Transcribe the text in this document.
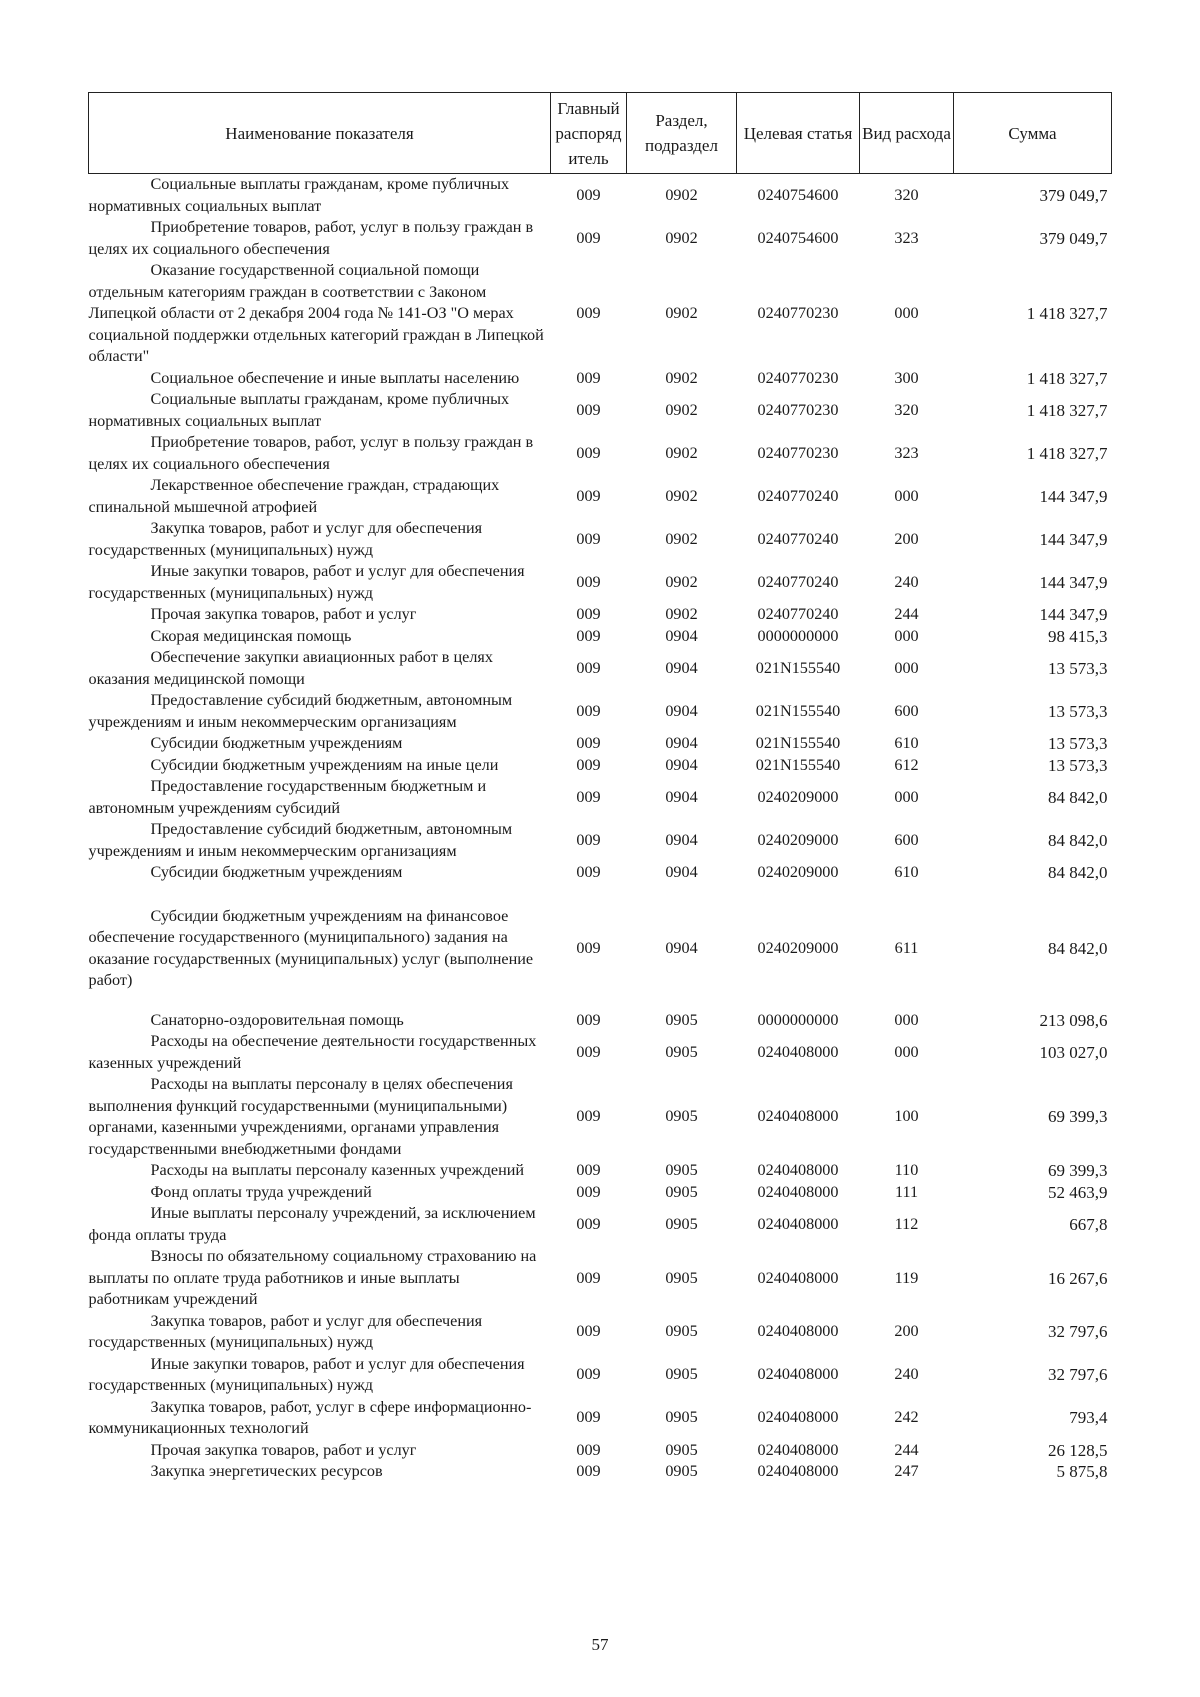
Наименование показателя	Главный распоряд итель	Раздел, подраздел	Целевая статья	Вид расхода	Сумма
Социальные выплаты гражданам, кроме публичных нормативных социальных выплат	009	0902	0240754600	320	379 049,7
Приобретение товаров, работ, услуг в пользу граждан в целях их социального обеспечения	009	0902	0240754600	323	379 049,7
Оказание государственной социальной помощи отдельным категориям граждан в соответствии с Законом Липецкой области от 2 декабря 2004 года № 141-ОЗ "О мерах социальной поддержки отдельных категорий граждан в Липецкой области"	009	0902	0240770230	000	1 418 327,7
Социальное обеспечение и иные выплаты населению	009	0902	0240770230	300	1 418 327,7
Социальные выплаты гражданам, кроме публичных нормативных социальных выплат	009	0902	0240770230	320	1 418 327,7
Приобретение товаров, работ, услуг в пользу граждан в целях их социального обеспечения	009	0902	0240770230	323	1 418 327,7
Лекарственное обеспечение граждан, страдающих спинальной мышечной атрофией	009	0902	0240770240	000	144 347,9
Закупка товаров, работ и услуг для обеспечения государственных (муниципальных) нужд	009	0902	0240770240	200	144 347,9
Иные закупки товаров, работ и услуг для обеспечения государственных (муниципальных) нужд	009	0902	0240770240	240	144 347,9
Прочая закупка товаров, работ и услуг	009	0902	0240770240	244	144 347,9
Скорая медицинская помощь	009	0904	0000000000	000	98 415,3
Обеспечение закупки авиационных работ в целях оказания медицинской помощи	009	0904	021N155540	000	13 573,3
Предоставление субсидий бюджетным, автономным учреждениям и иным некоммерческим организациям	009	0904	021N155540	600	13 573,3
Субсидии бюджетным учреждениям	009	0904	021N155540	610	13 573,3
Субсидии бюджетным учреждениям на иные цели	009	0904	021N155540	612	13 573,3
Предоставление государственным бюджетным и автономным учреждениям субсидий	009	0904	0240209000	000	84 842,0
Предоставление субсидий бюджетным, автономным учреждениям и иным некоммерческим организациям	009	0904	0240209000	600	84 842,0
Субсидии бюджетным учреждениям	009	0904	0240209000	610	84 842,0
Субсидии бюджетным учреждениям на финансовое обеспечение государственного (муниципального) задания на оказание государственных (муниципальных) услуг (выполнение работ)	009	0904	0240209000	611	84 842,0
Санаторно-оздоровительная помощь	009	0905	0000000000	000	213 098,6
Расходы на обеспечение деятельности государственных казенных учреждений	009	0905	0240408000	000	103 027,0
Расходы на выплаты персоналу в целях обеспечения выполнения функций государственными (муниципальными) органами, казенными учреждениями, органами управления государственными внебюджетными фондами	009	0905	0240408000	100	69 399,3
Расходы на выплаты персоналу казенных учреждений	009	0905	0240408000	110	69 399,3
Фонд оплаты труда учреждений	009	0905	0240408000	111	52 463,9
Иные выплаты персоналу учреждений, за исключением фонда оплаты труда	009	0905	0240408000	112	667,8
Взносы по обязательному социальному страхованию на выплаты по оплате труда работников и иные выплаты работникам учреждений	009	0905	0240408000	119	16 267,6
Закупка товаров, работ и услуг для обеспечения государственных (муниципальных) нужд	009	0905	0240408000	200	32 797,6
Иные закупки товаров, работ и услуг для обеспечения государственных (муниципальных) нужд	009	0905	0240408000	240	32 797,6
Закупка товаров, работ, услуг в сфере информационно-коммуникационных технологий	009	0905	0240408000	242	793,4
Прочая закупка товаров, работ и услуг	009	0905	0240408000	244	26 128,5
Закупка энергетических ресурсов	009	0905	0240408000	247	5 875,8
57
